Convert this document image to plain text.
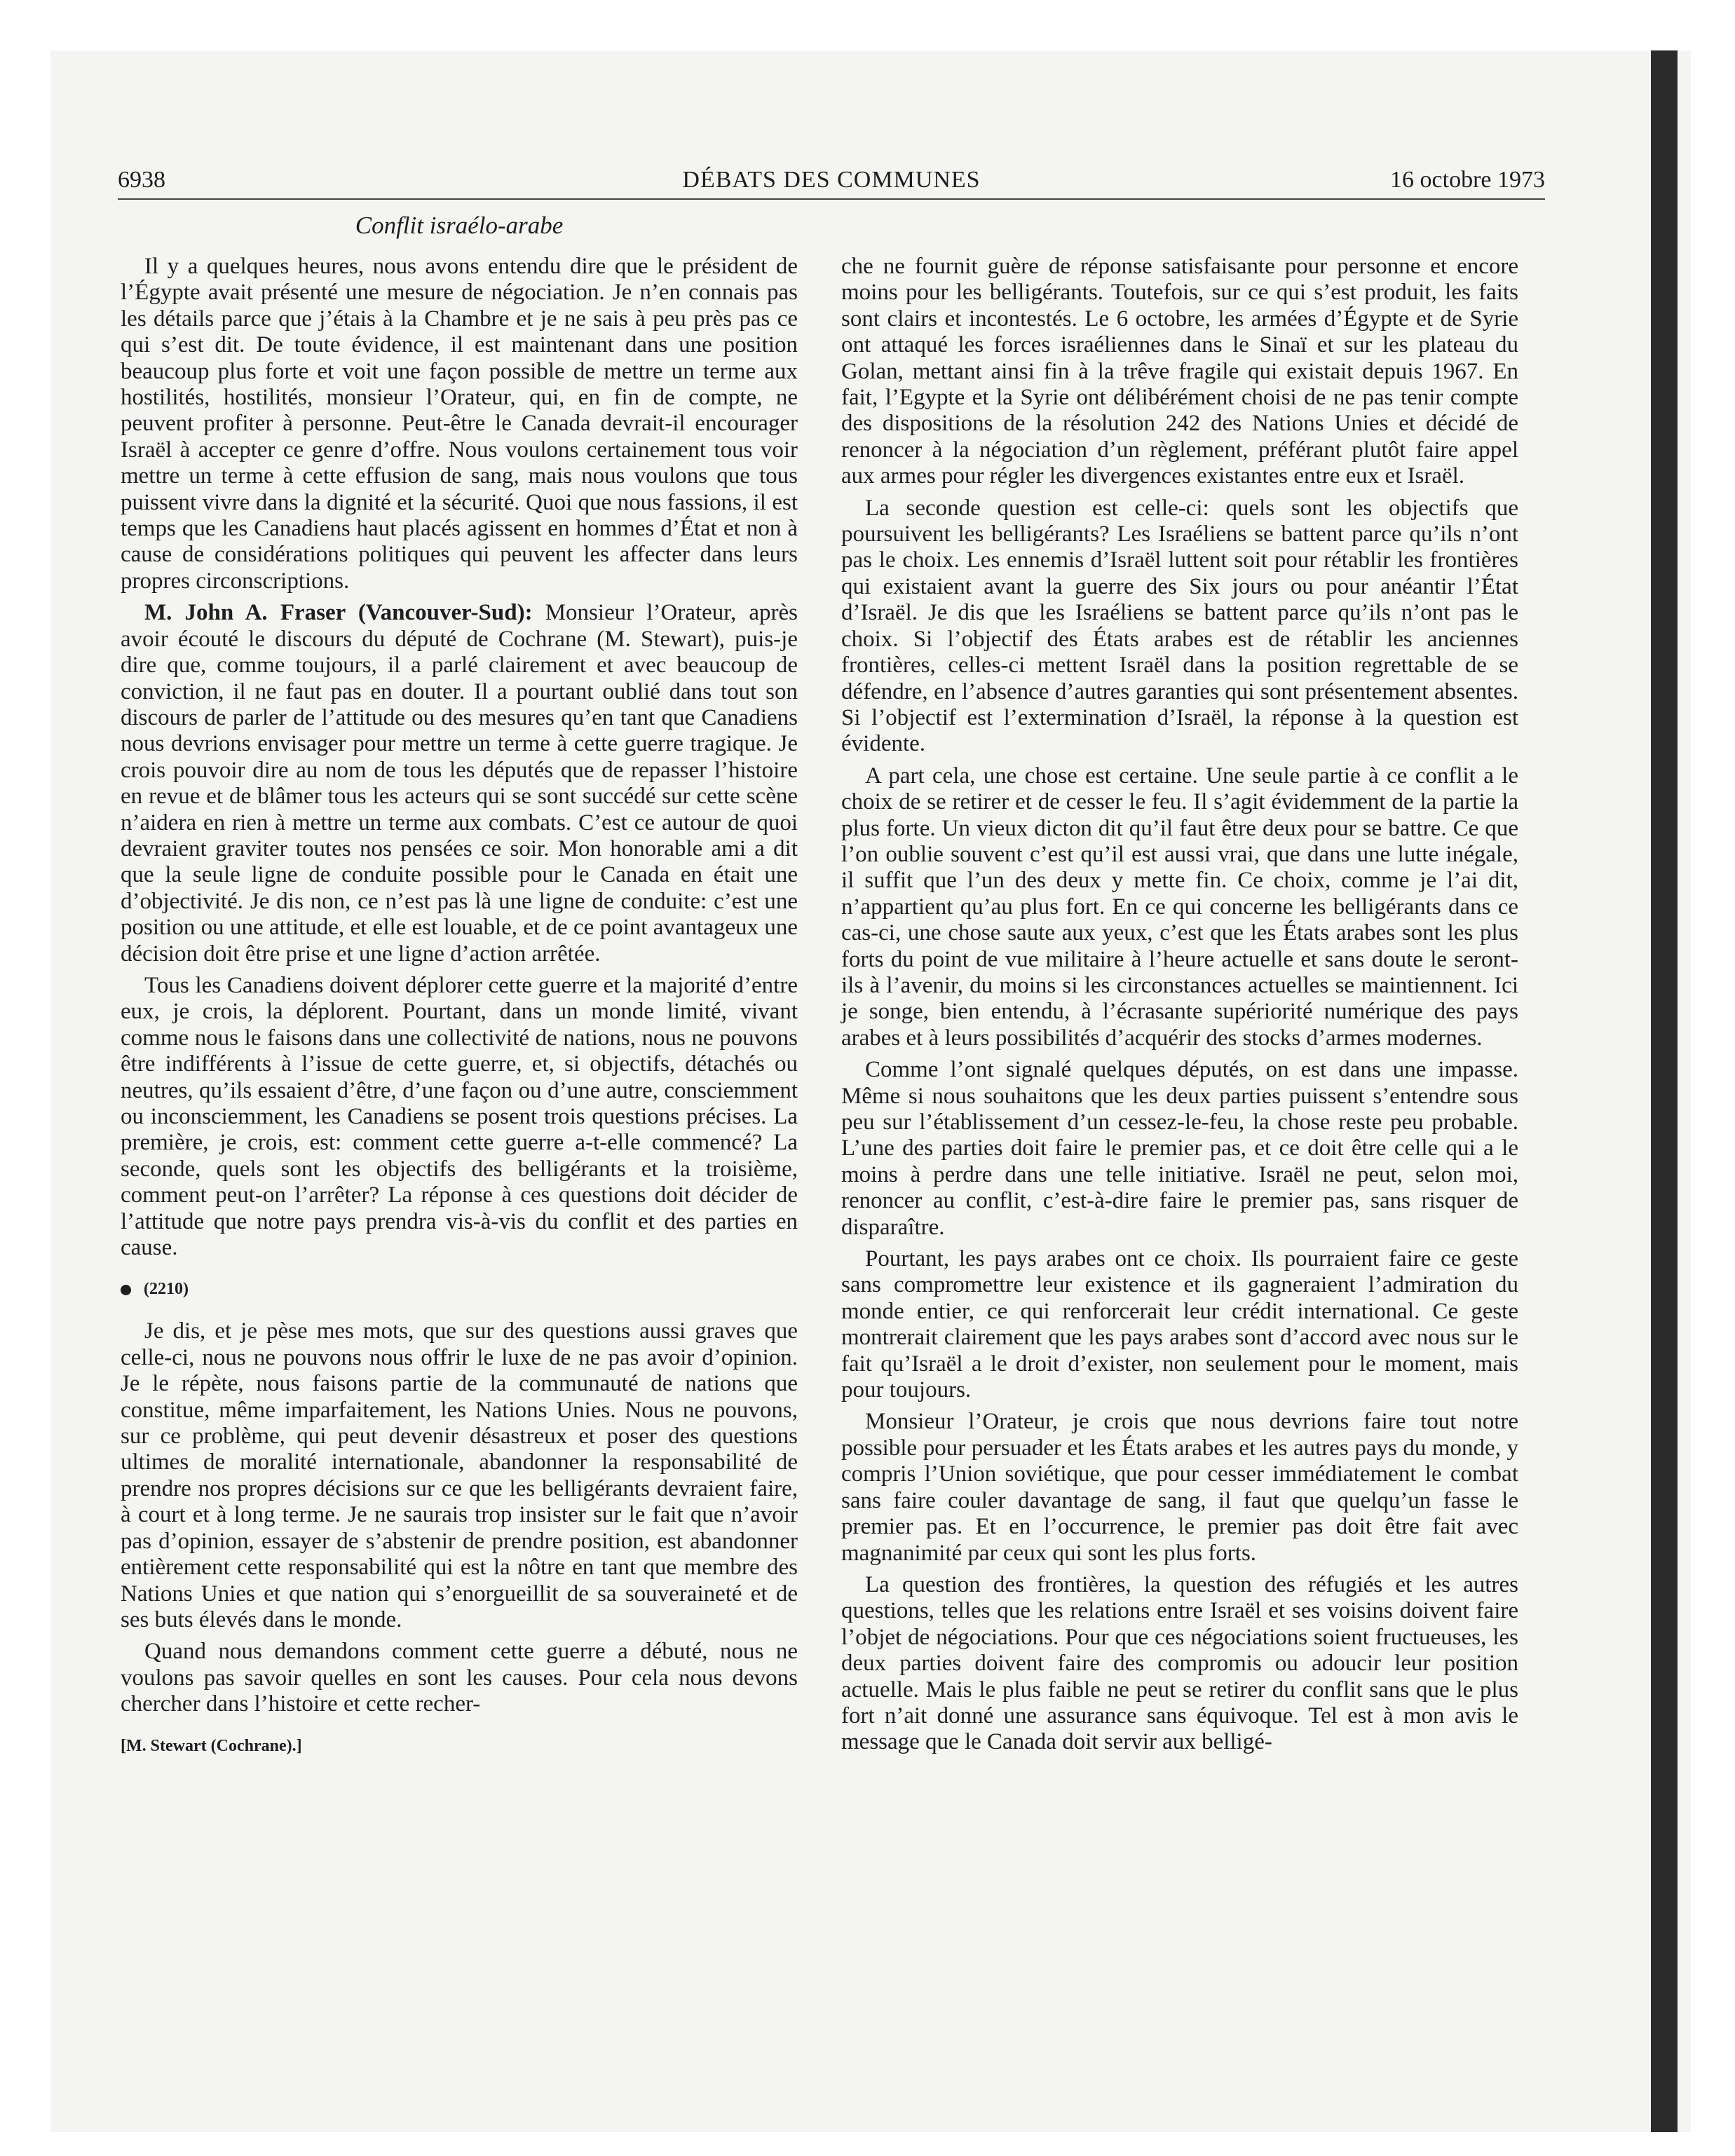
6938	DÉBATS DES COMMUNES	16 octobre 1973
Conflit israélo-arabe

Il y a quelques heures, nous avons entendu dire que le président de l’Égypte avait présenté une mesure de négociation. Je n’en connais pas les détails parce que j’étais à la Chambre et je ne sais à peu près pas ce qui s’est dit. De toute évidence, il est maintenant dans une position beaucoup plus forte et voit une façon possible de mettre un terme aux hostilités, hostilités, monsieur l’Orateur, qui, en fin de compte, ne peuvent profiter à personne. Peut-être le Canada devrait-il encourager Israël à accepter ce genre d’offre. Nous voulons certainement tous voir mettre un terme à cette effusion de sang, mais nous voulons que tous puissent vivre dans la dignité et la sécurité. Quoi que nous fassions, il est temps que les Canadiens haut placés agissent en hommes d’État et non à cause de considérations politiques qui peuvent les affecter dans leurs propres circonscriptions.

M. John A. Fraser (Vancouver-Sud): Monsieur l’Orateur, après avoir écouté le discours du député de Cochrane (M. Stewart), puis-je dire que, comme toujours, il a parlé clairement et avec beaucoup de conviction, il ne faut pas en douter. Il a pourtant oublié dans tout son discours de parler de l’attitude ou des mesures qu’en tant que Canadiens nous devrions envisager pour mettre un terme à cette guerre tragique. Je crois pouvoir dire au nom de tous les députés que de repasser l’histoire en revue et de blâmer tous les acteurs qui se sont succédé sur cette scène n’aidera en rien à mettre un terme aux combats. C’est ce autour de quoi devraient graviter toutes nos pensées ce soir. Mon honorable ami a dit que la seule ligne de conduite possible pour le Canada en était une d’objectivité. Je dis non, ce n’est pas là une ligne de conduite: c’est une position ou une attitude, et elle est louable, et de ce point avantageux une décision doit être prise et une ligne d’action arrêtée.

Tous les Canadiens doivent déplorer cette guerre et la majorité d’entre eux, je crois, la déplorent. Pourtant, dans un monde limité, vivant comme nous le faisons dans une collectivité de nations, nous ne pouvons être indifférents à l’issue de cette guerre, et, si objectifs, détachés ou neutres, qu’ils essaient d’être, d’une façon ou d’une autre, consciemment ou inconsciemment, les Canadiens se posent trois questions précises. La première, je crois, est: comment cette guerre a-t-elle commencé? La seconde, quels sont les objectifs des belligérants et la troisième, comment peut-on l’arrêter? La réponse à ces questions doit décider de l’attitude que notre pays prendra vis-à-vis du conflit et des parties en cause.

(2210)

Je dis, et je pèse mes mots, que sur des questions aussi graves que celle-ci, nous ne pouvons nous offrir le luxe de ne pas avoir d’opinion. Je le répète, nous faisons partie de la communauté de nations que constitue, même imparfaitement, les Nations Unies. Nous ne pouvons, sur ce problème, qui peut devenir désastreux et poser des questions ultimes de moralité internationale, abandonner la responsabilité de prendre nos propres décisions sur ce que les belligérants devraient faire, à court et à long terme. Je ne saurais trop insister sur le fait que n’avoir pas d’opinion, essayer de s’abstenir de prendre position, est abandonner entièrement cette responsabilité qui est la nôtre en tant que membre des Nations Unies et que nation qui s’enorgueillit de sa souveraineté et de ses buts élevés dans le monde.

Quand nous demandons comment cette guerre a débuté, nous ne voulons pas savoir quelles en sont les causes. Pour cela nous devons chercher dans l’histoire et cette recher-

[M. Stewart (Cochrane).]

che ne fournit guère de réponse satisfaisante pour personne et encore moins pour les belligérants. Toutefois, sur ce qui s’est produit, les faits sont clairs et incontestés. Le 6 octobre, les armées d’Égypte et de Syrie ont attaqué les forces israéliennes dans le Sinaï et sur les plateau du Golan, mettant ainsi fin à la trêve fragile qui existait depuis 1967. En fait, l’Egypte et la Syrie ont délibérément choisi de ne pas tenir compte des dispositions de la résolution 242 des Nations Unies et décidé de renoncer à la négociation d’un règlement, préférant plutôt faire appel aux armes pour régler les divergences existantes entre eux et Israël.

La seconde question est celle-ci: quels sont les objectifs que poursuivent les belligérants? Les Israéliens se battent parce qu’ils n’ont pas le choix. Les ennemis d’Israël luttent soit pour rétablir les frontières qui existaient avant la guerre des Six jours ou pour anéantir l’État d’Israël. Je dis que les Israéliens se battent parce qu’ils n’ont pas le choix. Si l’objectif des États arabes est de rétablir les anciennes frontières, celles-ci mettent Israël dans la position regrettable de se défendre, en l’absence d’autres garanties qui sont présentement absentes. Si l’objectif est l’extermination d’Israël, la réponse à la question est évidente.

A part cela, une chose est certaine. Une seule partie à ce conflit a le choix de se retirer et de cesser le feu. Il s’agit évidemment de la partie la plus forte. Un vieux dicton dit qu’il faut être deux pour se battre. Ce que l’on oublie souvent c’est qu’il est aussi vrai, que dans une lutte inégale, il suffit que l’un des deux y mette fin. Ce choix, comme je l’ai dit, n’appartient qu’au plus fort. En ce qui concerne les belligérants dans ce cas-ci, une chose saute aux yeux, c’est que les États arabes sont les plus forts du point de vue militaire à l’heure actuelle et sans doute le seront-ils à l’avenir, du moins si les circonstances actuelles se maintiennent. Ici je songe, bien entendu, à l’écrasante supériorité numérique des pays arabes et à leurs possibilités d’acquérir des stocks d’armes modernes.

Comme l’ont signalé quelques députés, on est dans une impasse. Même si nous souhaitons que les deux parties puissent s’entendre sous peu sur l’établissement d’un cessez-le-feu, la chose reste peu probable. L’une des parties doit faire le premier pas, et ce doit être celle qui a le moins à perdre dans une telle initiative. Israël ne peut, selon moi, renoncer au conflit, c’est-à-dire faire le premier pas, sans risquer de disparaître.

Pourtant, les pays arabes ont ce choix. Ils pourraient faire ce geste sans compromettre leur existence et ils gagneraient l’admiration du monde entier, ce qui renforcerait leur crédit international. Ce geste montrerait clairement que les pays arabes sont d’accord avec nous sur le fait qu’Israël a le droit d’exister, non seulement pour le moment, mais pour toujours.

Monsieur l’Orateur, je crois que nous devrions faire tout notre possible pour persuader et les États arabes et les autres pays du monde, y compris l’Union soviétique, que pour cesser immédiatement le combat sans faire couler davantage de sang, il faut que quelqu’un fasse le premier pas. Et en l’occurrence, le premier pas doit être fait avec magnanimité par ceux qui sont les plus forts.

La question des frontières, la question des réfugiés et les autres questions, telles que les relations entre Israël et ses voisins doivent faire l’objet de négociations. Pour que ces négociations soient fructueuses, les deux parties doivent faire des compromis ou adoucir leur position actuelle. Mais le plus faible ne peut se retirer du conflit sans que le plus fort n’ait donné une assurance sans équivoque. Tel est à mon avis le message que le Canada doit servir aux belligé-
